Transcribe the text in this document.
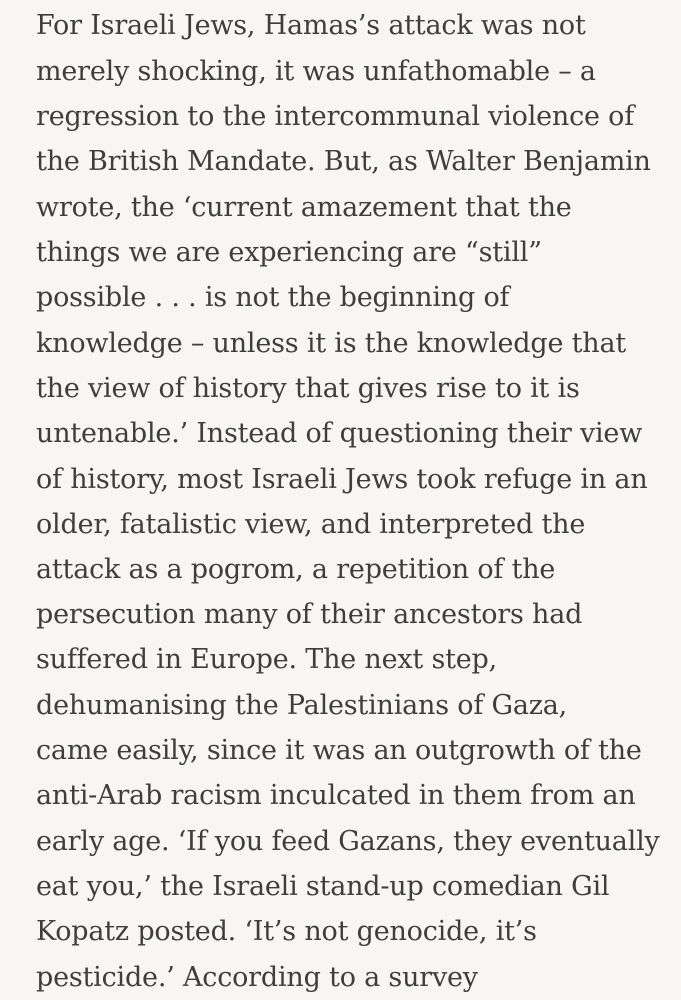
For Israeli Jews, Hamas’s attack was not
merely shocking, it was unfathomable – a
regression to the intercommunal violence of
the British Mandate. But, as Walter Benjamin
wrote, the ‘current amazement that the
things we are experiencing are “still”
possible . . . is not the beginning of
knowledge – unless it is the knowledge that
the view of history that gives rise to it is
untenable.’ Instead of questioning their view
of history, most Israeli Jews took refuge in an
older, fatalistic view, and interpreted the
attack as a pogrom, a repetition of the
persecution many of their ancestors had
suffered in Europe. The next step,
dehumanising the Palestinians of Gaza,
came easily, since it was an outgrowth of the
anti-Arab racism inculcated in them from an
early age. ‘If you feed Gazans, they eventually
eat you,’ the Israeli stand-up comedian Gil
Kopatz posted. ‘It’s not genocide, it’s
pesticide.’ According to a survey
